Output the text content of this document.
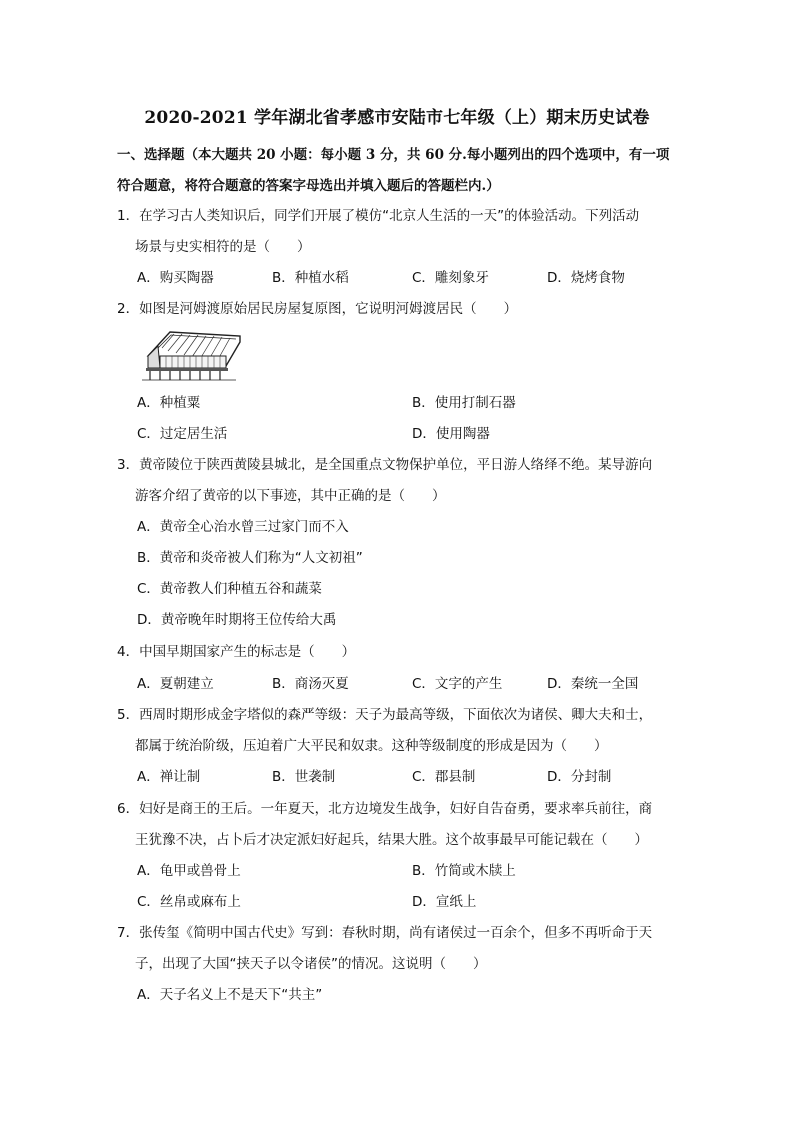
2020-2021 学年湖北省孝感市安陆市七年级（上）期末历史试卷
一、选择题（本大题共 20 小题：每小题 3 分，共 60 分.每小题列出的四个选项中，有一项
符合题意，将符合题意的答案字母选出并填入题后的答题栏内.）
1．在学习古人类知识后，同学们开展了模仿“北京人生活的一天”的体验活动。下列活动
场景与史实相符的是（　　）
A．购买陶器	B．种植水稻	C．雕刻象牙	D．烧烤食物
2．如图是河姆渡原始居民房屋复原图，它说明河姆渡居民（　　）
A．种植粟	B．使用打制石器
C．过定居生活	D．使用陶器
3．黄帝陵位于陕西黄陵县城北，是全国重点文物保护单位，平日游人络绎不绝。某导游向
游客介绍了黄帝的以下事迹，其中正确的是（　　）
A．黄帝全心治水曾三过家门而不入
B．黄帝和炎帝被人们称为“人文初祖”
C．黄帝教人们种植五谷和蔬菜
D．黄帝晚年时期将王位传给大禹
4．中国早期国家产生的标志是（　　）
A．夏朝建立	B．商汤灭夏	C．文字的产生	D．秦统一全国
5．西周时期形成金字塔似的森严等级：天子为最高等级，下面依次为诸侯、卿大夫和士，
都属于统治阶级，压迫着广大平民和奴隶。这种等级制度的形成是因为（　　）
A．禅让制	B．世袭制	C．郡县制	D．分封制
6．妇好是商王的王后。一年夏天，北方边境发生战争，妇好自告奋勇，要求率兵前往，商
王犹豫不决，占卜后才决定派妇好起兵，结果大胜。这个故事最早可能记载在（　　）
A．龟甲或兽骨上	B．竹简或木牍上
C．丝帛或麻布上	D．宣纸上
7．张传玺《简明中国古代史》写到：春秋时期，尚有诸侯过一百余个，但多不再听命于天
子，出现了大国“挟天子以令诸侯”的情况。这说明（　　）
A．天子名义上不是天下“共主”
